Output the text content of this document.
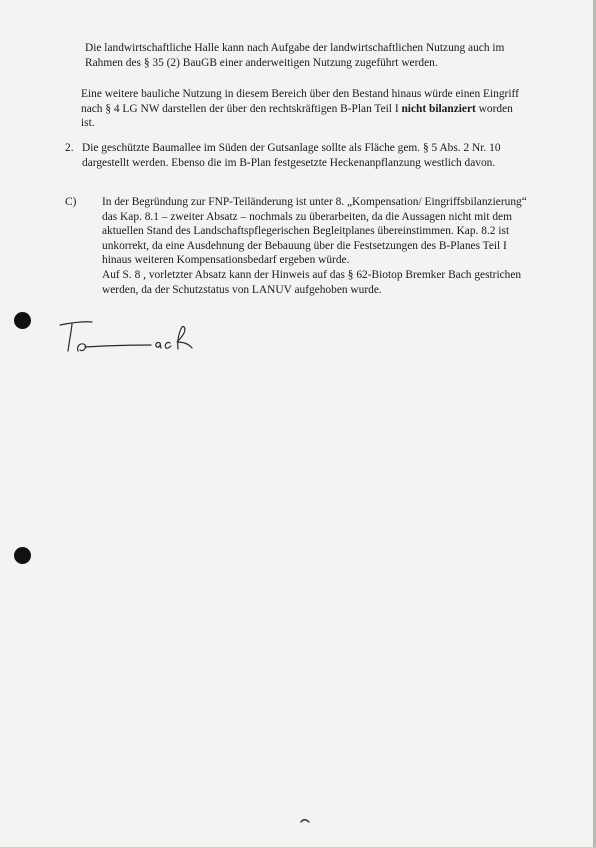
Die landwirtschaftliche Halle kann nach Aufgabe der landwirtschaftlichen Nutzung auch im
Rahmen des § 35 (2) BauGB einer anderweitigen Nutzung zugeführt werden.

Eine weitere bauliche Nutzung in diesem Bereich über den Bestand hinaus würde einen Eingriff
nach § 4 LG NW darstellen der über den rechtskräftigen B-Plan Teil I nicht bilanziert worden
ist.

2. Die geschützte Baumallee im Süden der Gutsanlage sollte als Fläche gem. § 5 Abs. 2 Nr. 10
dargestellt werden. Ebenso die im B-Plan festgesetzte Heckenanpflanzung westlich davon.
C) In der Begründung zur FNP-Teiländerung ist unter 8. „Kompensation/ Eingriffsbilanzierung“
das Kap. 8.1 – zweiter Absatz – nochmals zu überarbeiten, da die Aussagen nicht mit dem
aktuellen Stand des Landschaftspflegerischen Begleitplanes übereinstimmen. Kap. 8.2 ist
unkorrekt, da eine Ausdehnung der Bebauung über die Festsetzungen des B-Planes Teil I
hinaus weiteren Kompensationsbedarf ergeben würde.
Auf S. 8 , vorletzter Absatz kann der Hinweis auf das § 62-Biotop Bremker Bach gestrichen
werden, da der Schutzstatus von LANUV aufgehoben wurde.
